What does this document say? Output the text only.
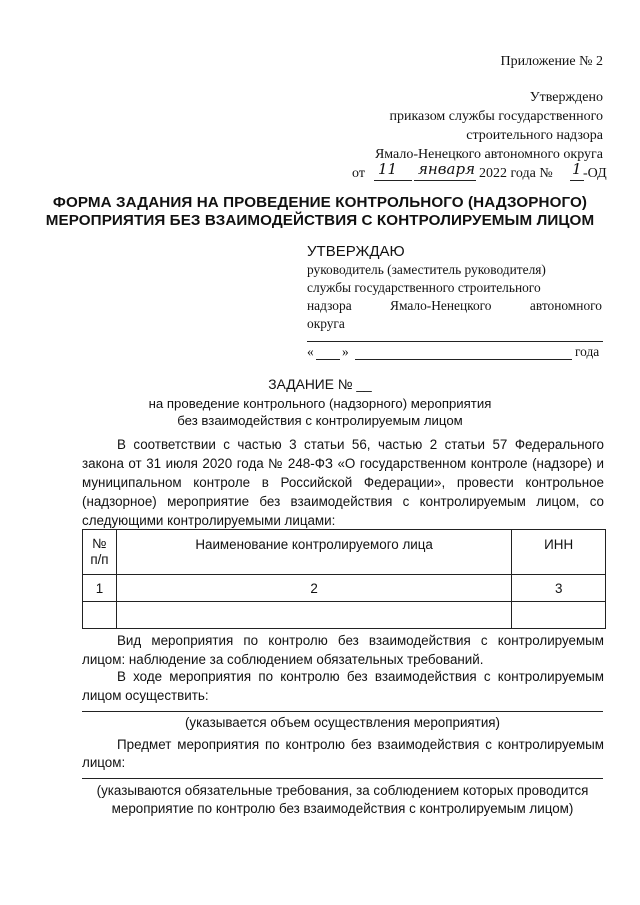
Приложение № 2
Утверждено
приказом службы государственного
строительного надзора
Ямало-Ненецкого автономного округа
от 11 января 2022 года № 1 -ОД
ФОРМА ЗАДАНИЯ НА ПРОВЕДЕНИЕ КОНТРОЛЬНОГО (НАДЗОРНОГО)
МЕРОПРИЯТИЯ БЕЗ ВЗАИМОДЕЙСТВИЯ С КОНТРОЛИРУЕМЫМ ЛИЦОМ
УТВЕРЖДАЮ
руководитель (заместитель руководителя)
службы государственного строительного
надзора Ямало-Ненецкого автономного
округа
« »	года
ЗАДАНИЕ № __
на проведение контрольного (надзорного) мероприятия
без взаимодействия с контролируемым лицом
В соответствии с частью 3 статьи 56, частью 2 статьи 57 Федерального
закона от 31 июля 2020 года № 248-ФЗ «О государственном контроле (надзоре) и
муниципальном контроле в Российской Федерации», провести контрольное
(надзорное) мероприятие без взаимодействия с контролируемым лицом, со
следующими контролируемыми лицами:
№
п/п	Наименование контролируемого лица	ИНН
1	2	3

Вид мероприятия по контролю без взаимодействия с контролируемым
лицом: наблюдение за соблюдением обязательных требований.
В ходе мероприятия по контролю без взаимодействия с контролируемым
лицом осуществить:
(указывается объем осуществления мероприятия)
Предмет мероприятия по контролю без взаимодействия с контролируемым
лицом:
(указываются обязательные требования, за соблюдением которых проводится
мероприятие по контролю без взаимодействия с контролируемым лицом)
